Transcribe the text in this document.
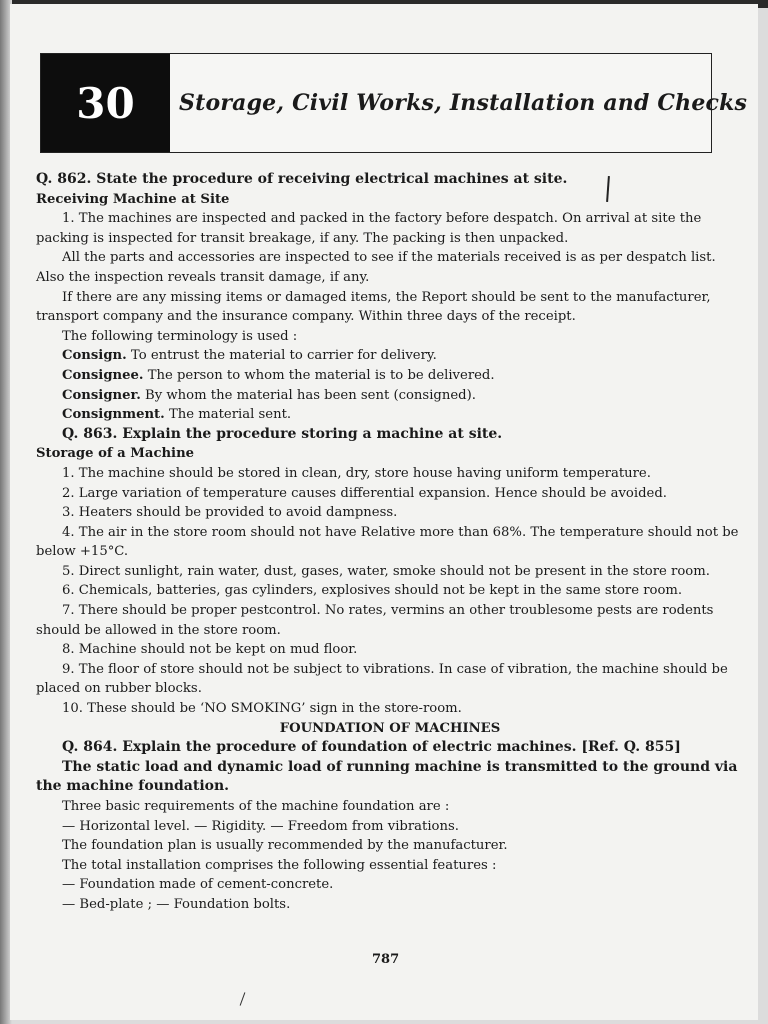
30	Storage, Civil Works, Installation and Checks

Q. 862. State the procedure of receiving electrical machines at site.

Receiving Machine at Site

1. The machines are inspected and packed in the factory before despatch. On arrival at site the packing is inspected for transit breakage, if any. The packing is then unpacked.

All the parts and accessories are inspected to see if the materials received is as per despatch list. Also the inspection reveals transit damage, if any.

If there are any missing items or damaged items, the Report should be sent to the manufacturer, transport company and the insurance company. Within three days of the receipt.

The following terminology is used :

Consign. To entrust the material to carrier for delivery.

Consignee. The person to whom the material is to be delivered.

Consigner. By whom the material has been sent (consigned).

Consignment. The material sent.

Q. 863. Explain the procedure storing a machine at site.

Storage of a Machine

1. The machine should be stored in clean, dry, store house having uniform temperature.

2. Large variation of temperature causes differential expansion. Hence should be avoided.

3. Heaters should be provided to avoid dampness.

4. The air in the store room should not have Relative more than 68%. The temperature should not be below +15°C.

5. Direct sunlight, rain water, dust, gases, water, smoke should not be present in the store room.

6. Chemicals, batteries, gas cylinders, explosives should not be kept in the same store room.

7. There should be proper pestcontrol. No rates, vermins an other troublesome pests are rodents should be allowed in the store room.

8. Machine should not be kept on mud floor.

9. The floor of store should not be subject to vibrations. In case of vibration, the machine should be placed on rubber blocks.

10. These should be ‘NO SMOKING’ sign in the store-room.

FOUNDATION OF MACHINES

Q. 864. Explain the procedure of foundation of electric machines. [Ref. Q. 855]

The static load and dynamic load of running machine is transmitted to the ground via the machine foundation.

Three basic requirements of the machine foundation are :

— Horizontal level. — Rigidity. — Freedom from vibrations.

The foundation plan is usually recommended by the manufacturer.

The total installation comprises the following essential features :

— Foundation made of cement-concrete.

— Bed-plate ; — Foundation bolts.

787
